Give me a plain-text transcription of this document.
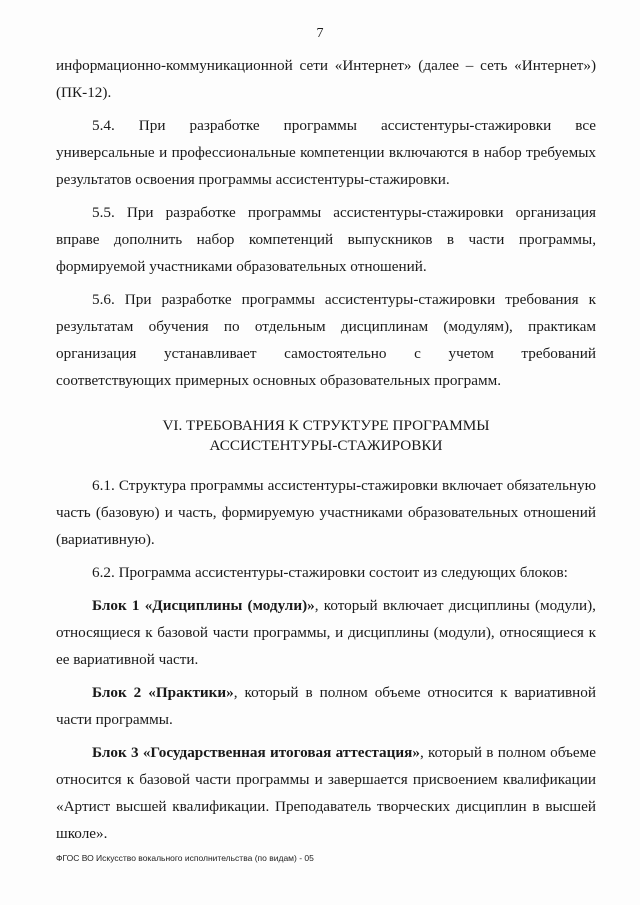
7

информационно-коммуникационной сети «Интернет» (далее – сеть «Интернет») (ПК-12).

5.4. При разработке программы ассистентуры-стажировки все универсальные и профессиональные компетенции включаются в набор требуемых результатов освоения программы ассистентуры-стажировки.

5.5. При разработке программы ассистентуры-стажировки организация вправе дополнить набор компетенций выпускников в части программы, формируемой участниками образовательных отношений.

5.6. При разработке программы ассистентуры-стажировки требования к результатам обучения по отдельным дисциплинам (модулям), практикам организация устанавливает самостоятельно с учетом требований соответствующих примерных основных образовательных программ.

VI. ТРЕБОВАНИЯ К СТРУКТУРЕ ПРОГРАММЫ
АССИСТЕНТУРЫ-СТАЖИРОВКИ

6.1. Структура программы ассистентуры-стажировки включает обязательную часть (базовую) и часть, формируемую участниками образовательных отношений (вариативную).

6.2. Программа ассистентуры-стажировки состоит из следующих блоков:

Блок 1 «Дисциплины (модули)», который включает дисциплины (модули), относящиеся к базовой части программы, и дисциплины (модули), относящиеся к ее вариативной части.

Блок 2 «Практики», который в полном объеме относится к вариативной части программы.

Блок 3 «Государственная итоговая аттестация», который в полном объеме относится к базовой части программы и завершается присвоением квалификации «Артист высшей квалификации. Преподаватель творческих дисциплин в высшей школе».

ФГОС ВО Искусство вокального исполнительства (по видам) - 05
